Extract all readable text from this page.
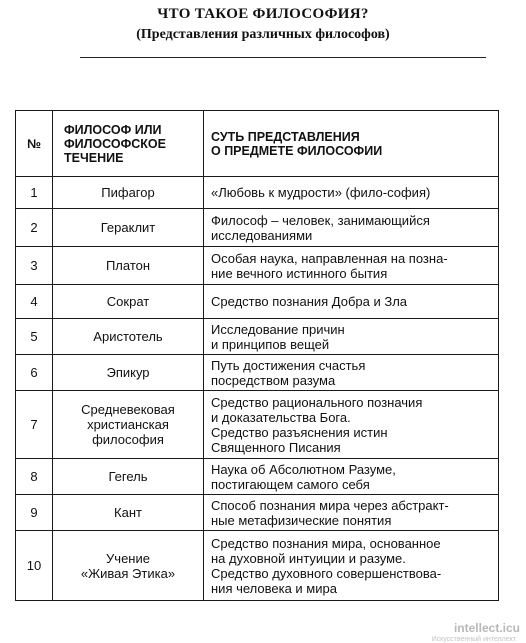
ЧТО ТАКОЕ ФИЛОСОФИЯ?
(Представления различных философов)
№	ФИЛОСОФ ИЛИ
ФИЛОСОФСКОЕ
ТЕЧЕНИЕ	СУТЬ ПРЕДСТАВЛЕНИЯ
О ПРЕДМЕТЕ ФИЛОСОФИИ
1	Пифагор	«Любовь к мудрости» (фило-софия)
2	Гераклит	Философ – человек, занимающийся
исследованиями
3	Платон	Особая наука, направленная на позна-
ние вечного истинного бытия
4	Сократ	Средство познания Добра и Зла
5	Аристотель	Исследование причин
и принципов вещей
6	Эпикур	Путь достижения счастья
посредством разума
7	Средневековая
христианская
философия	Средство рационального позначия
и доказательства Бога.
Средство разъяснения истин
Священного Писания
8	Гегель	Наука об Абсолютном Разуме,
постигающем самого себя
9	Кант	Способ познания мира через абстракт-
ные метафизические понятия
10	Учение
«Живая Этика»	Средство познания мира, основанное
на духовной интуиции и разуме.
Средство духовного совершенствова-
ния человека и мира
intellect.icu
Искусственный интеллект
